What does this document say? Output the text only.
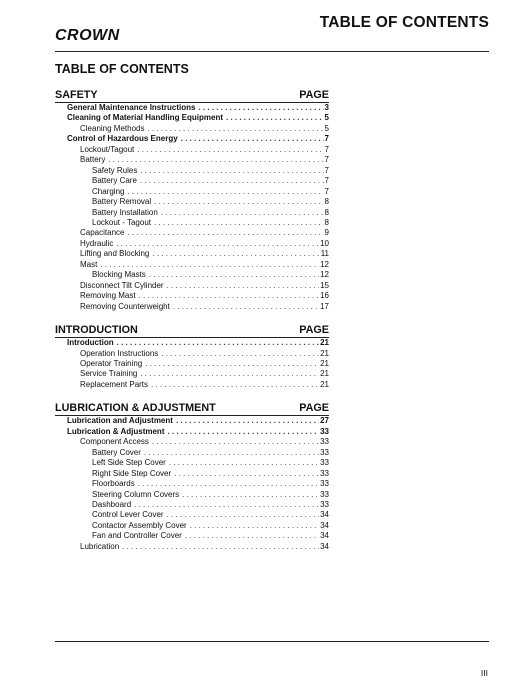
CROWN
TABLE OF CONTENTS
TABLE OF CONTENTS
SAFETY	PAGE
General Maintenance Instructions . . .	3
Cleaning of Material Handling Equipment . . .	5
Cleaning Methods . . .	5
Control of Hazardous Energy . . .	7
Lockout/Tagout . . .	7
Battery . . .	7
Safety Rules . . .	7
Battery Care . . .	7
Charging . . .	7
Battery Removal . . .	8
Battery Installation . . .	8
Lockout - Tagout . . .	8
Capacitance . . .	9
Hydraulic . . .	10
Lifting and Blocking . . .	11
Mast . . .	12
Blocking Masts . . .	12
Disconnect Tilt Cylinder . . .	15
Removing Mast . . .	16
Removing Counterweight . . .	17
INTRODUCTION	PAGE
Introduction . . .	21
Operation Instructions . . .	21
Operator Training . . .	21
Service Training . . .	21
Replacement Parts . . .	21
LUBRICATION & ADJUSTMENT	PAGE
Lubrication and Adjustment . . .	27
Lubrication & Adjustment . . .	33
Component Access . . .	33
Battery Cover . . .	33
Left Side Step Cover . . .	33
Right Side Step Cover . . .	33
Floorboards . . .	33
Steering Column Covers . . .	33
Dashboard . . .	33
Control Lever Cover . . .	34
Contactor Assembly Cover . . .	34
Fan and Controller Cover . . .	34
Lubrication . . .	34
III
